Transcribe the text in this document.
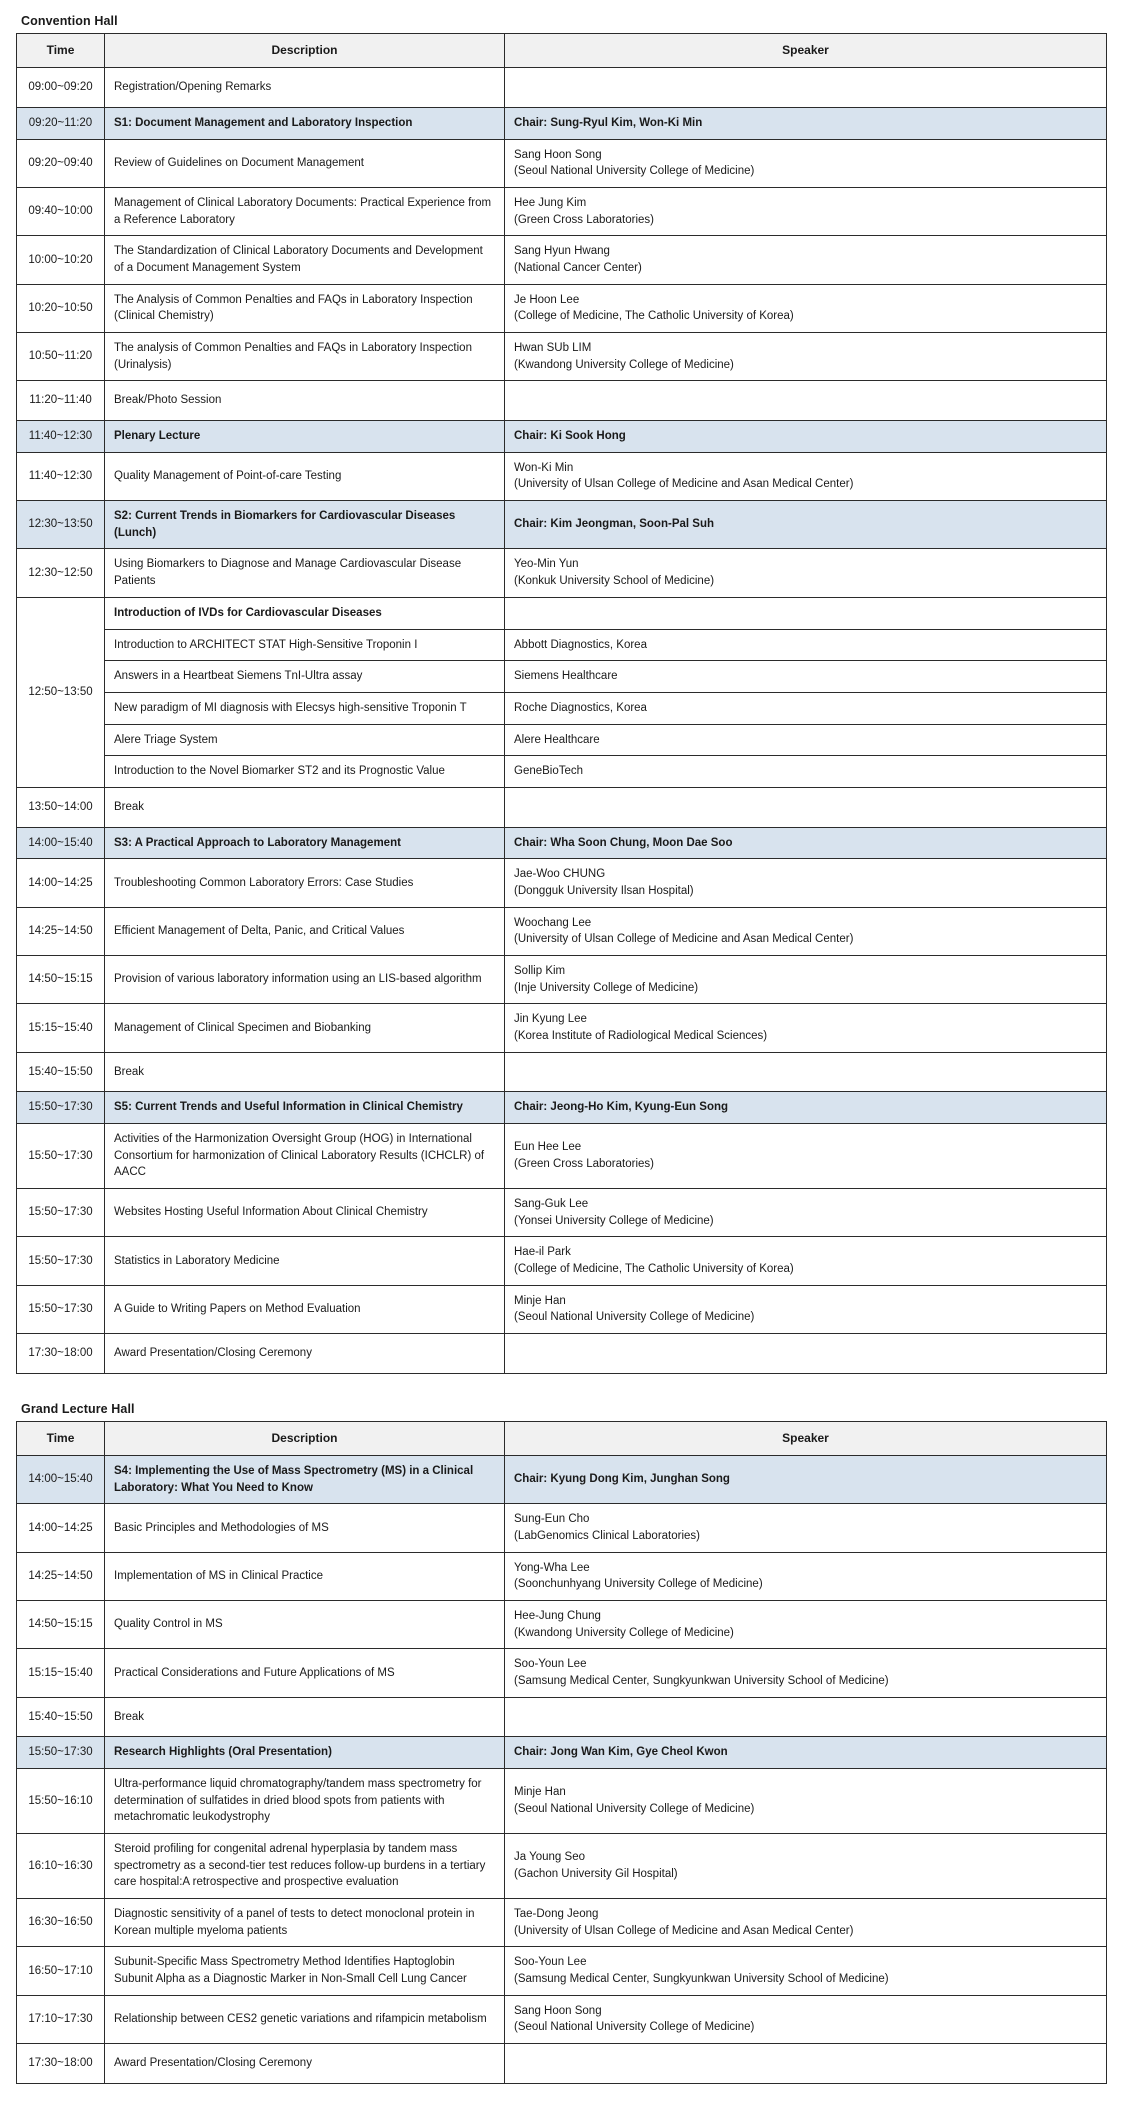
Convention Hall
Time	Description	Speaker
09:00~09:20	Registration/Opening Remarks	

09:20~11:20	S1: Document Management and Laboratory Inspection	Chair: Sung-Ryul Kim, Won-Ki Min

09:20~09:40	Review of Guidelines on Document Management	Sang Hoon Song
(Seoul National University College of Medicine)

09:40~10:00	Management of Clinical Laboratory Documents: Practical Experience from a Reference Laboratory	Hee Jung Kim
(Green Cross Laboratories)

10:00~10:20	The Standardization of Clinical Laboratory Documents and Development of a Document Management System	Sang Hyun Hwang
(National Cancer Center)

10:20~10:50	The Analysis of Common Penalties and FAQs in Laboratory Inspection (Clinical Chemistry)	Je Hoon Lee
(College of Medicine, The Catholic University of Korea)

10:50~11:20	The analysis of Common Penalties and FAQs in Laboratory Inspection (Urinalysis)	Hwan SUb LIM
(Kwandong University College of Medicine)

11:20~11:40	Break/Photo Session	

11:40~12:30	Plenary Lecture	Chair: Ki Sook Hong

11:40~12:30	Quality Management of Point-of-care Testing	Won-Ki Min
(University of Ulsan College of Medicine and Asan Medical Center)

12:30~13:50	S2: Current Trends in Biomarkers for Cardiovascular Diseases (Lunch)	Chair: Kim Jeongman, Soon-Pal Suh

12:30~12:50	Using Biomarkers to Diagnose and Manage Cardiovascular Disease Patients	Yeo-Min Yun
(Konkuk University School of Medicine)

12:50~13:50	Introduction of IVDs for Cardiovascular Diseases	

	Introduction to ARCHITECT STAT High-Sensitive Troponin I	Abbott Diagnostics, Korea

	Answers in a Heartbeat Siemens TnI-Ultra assay	Siemens Healthcare

	New paradigm of MI diagnosis with Elecsys high-sensitive Troponin T	Roche Diagnostics, Korea

	Alere Triage System	Alere Healthcare

	Introduction to the Novel Biomarker ST2 and its Prognostic Value	GeneBioTech

13:50~14:00	Break	

14:00~15:40	S3: A Practical Approach to Laboratory Management	Chair: Wha Soon Chung, Moon Dae Soo

14:00~14:25	Troubleshooting Common Laboratory Errors: Case Studies	Jae-Woo CHUNG
(Dongguk University Ilsan Hospital)

14:25~14:50	Efficient Management of Delta, Panic, and Critical Values	Woochang Lee
(University of Ulsan College of Medicine and Asan Medical Center)

14:50~15:15	Provision of various laboratory information using an LIS-based algorithm	Sollip Kim
(Inje University College of Medicine)

15:15~15:40	Management of Clinical Specimen and Biobanking	Jin Kyung Lee
(Korea Institute of Radiological Medical Sciences)

15:40~15:50	Break	

15:50~17:30	S5: Current Trends and Useful Information in Clinical Chemistry	Chair: Jeong-Ho Kim, Kyung-Eun Song

15:50~17:30	Activities of the Harmonization Oversight Group (HOG) in International Consortium for harmonization of Clinical Laboratory Results (ICHCLR) of AACC	Eun Hee Lee
(Green Cross Laboratories)

15:50~17:30	Websites Hosting Useful Information About Clinical Chemistry	Sang-Guk Lee
(Yonsei University College of Medicine)

15:50~17:30	Statistics in Laboratory Medicine	Hae-il Park
(College of Medicine, The Catholic University of Korea)

15:50~17:30	A Guide to Writing Papers on Method Evaluation	Minje Han
(Seoul National University College of Medicine)

17:30~18:00	Award Presentation/Closing Ceremony	
Grand Lecture Hall
Time	Description	Speaker
14:00~15:40	S4: Implementing the Use of Mass Spectrometry (MS) in a Clinical Laboratory: What You Need to Know	Chair: Kyung Dong Kim, Junghan Song

14:00~14:25	Basic Principles and Methodologies of MS	Sung-Eun Cho
(LabGenomics Clinical Laboratories)

14:25~14:50	Implementation of MS in Clinical Practice	Yong-Wha Lee
(Soonchunhyang University College of Medicine)

14:50~15:15	Quality Control in MS	Hee-Jung Chung
(Kwandong University College of Medicine)

15:15~15:40	Practical Considerations and Future Applications of MS	Soo-Youn Lee
(Samsung Medical Center, Sungkyunkwan University School of Medicine)

15:40~15:50	Break	

15:50~17:30	Research Highlights (Oral Presentation)	Chair: Jong Wan Kim, Gye Cheol Kwon

15:50~16:10	Ultra-performance liquid chromatography/tandem mass spectrometry for determination of sulfatides in dried blood spots from patients with metachromatic leukodystrophy	Minje Han
(Seoul National University College of Medicine)

16:10~16:30	Steroid profiling for congenital adrenal hyperplasia by tandem mass spectrometry as a second-tier test reduces follow-up burdens in a tertiary care hospital:A retrospective and prospective evaluation	Ja Young Seo
(Gachon University Gil Hospital)

16:30~16:50	Diagnostic sensitivity of a panel of tests to detect monoclonal protein in Korean multiple myeloma patients	Tae-Dong Jeong
(University of Ulsan College of Medicine and Asan Medical Center)

16:50~17:10	Subunit-Specific Mass Spectrometry Method Identifies Haptoglobin Subunit Alpha as a Diagnostic Marker in Non-Small Cell Lung Cancer	Soo-Youn Lee
(Samsung Medical Center, Sungkyunkwan University School of Medicine)

17:10~17:30	Relationship between CES2 genetic variations and rifampicin metabolism	Sang Hoon Song
(Seoul National University College of Medicine)

17:30~18:00	Award Presentation/Closing Ceremony	
